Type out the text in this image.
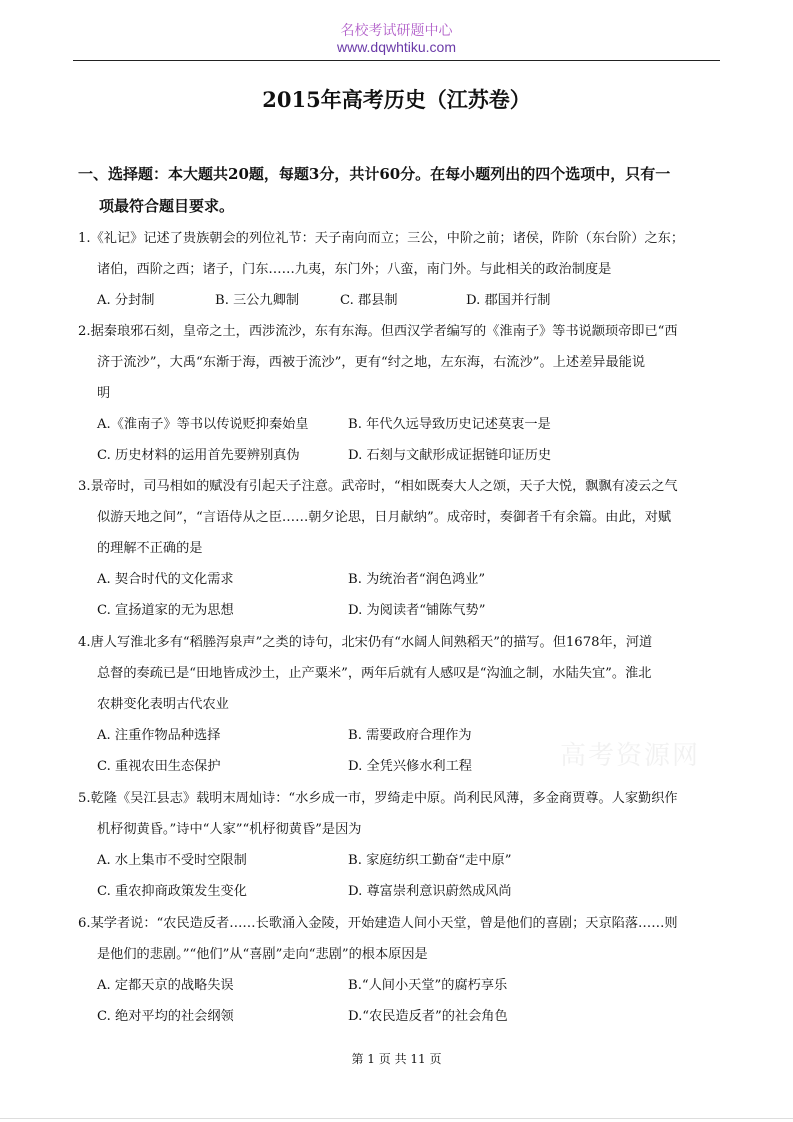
名校考试研题中心
www.dqwhtiku.com
2015年高考历史（江苏卷）
一、选择题：本大题共20题，每题3分，共计60分。在每小题列出的四个选项中，只有一
项最符合题目要求。

1.《礼记》记述了贵族朝会的列位礼节：天子南向而立；三公，中阶之前；诸侯，阼阶（东台阶）之东；
诸伯，西阶之西；诸子，门东……九夷，东门外；八蛮，南门外。与此相关的政治制度是

A. 分封制	B. 三公九卿制	C. 郡县制	D. 郡国并行制

2.据秦琅邪石刻，皇帝之土，西涉流沙，东有东海。但西汉学者编写的《淮南子》等书说颛顼帝即已“西
济于流沙”，大禹“东渐于海，西被于流沙”，更有“纣之地，左东海，右流沙”。上述差异最能说
明

A.《淮南子》等书以传说贬抑秦始皇	B. 年代久远导致历史记述莫衷一是
C. 历史材料的运用首先要辨别真伪	D. 石刻与文献形成证据链印证历史

3.景帝时，司马相如的赋没有引起天子注意。武帝时，“相如既奏大人之颂，天子大悦，飘飘有凌云之气
似游天地之间”，“言语侍从之臣……朝夕论思，日月献纳”。成帝时，奏御者千有余篇。由此，对赋
的理解不正确的是

A. 契合时代的文化需求	B. 为统治者“润色鸿业”
C. 宣扬道家的无为思想	D. 为阅读者“铺陈气势”

4.唐人写淮北多有“稻塍泻泉声”之类的诗句，北宋仍有“水阔人间熟稻天”的描写。但1678年，河道
总督的奏疏已是“田地皆成沙土，止产粟米”，两年后就有人感叹是“沟洫之制，水陆失宜”。淮北
农耕变化表明古代农业

A. 注重作物品种选择	B. 需要政府合理作为
C. 重视农田生态保护	D. 全凭兴修水利工程

5.乾隆《吴江县志》载明末周灿诗：“水乡成一市，罗绮走中原。尚利民风薄，多金商贾尊。人家勤织作
机杼彻黄昏。”诗中“人家”“机杼彻黄昏”是因为

A. 水上集市不受时空限制	B. 家庭纺织工勤奋“走中原”
C. 重农抑商政策发生变化	D. 尊富崇利意识蔚然成风尚

6.某学者说：“农民造反者……长歌涌入金陵，开始建造人间小天堂，曾是他们的喜剧；天京陷落……则
是他们的悲剧。”“他们”从“喜剧”走向“悲剧”的根本原因是

A. 定都天京的战略失误	B.“人间小天堂”的腐朽享乐
C. 绝对平均的社会纲领	D.“农民造反者”的社会角色
高考资源网
第 1 页 共 11 页
